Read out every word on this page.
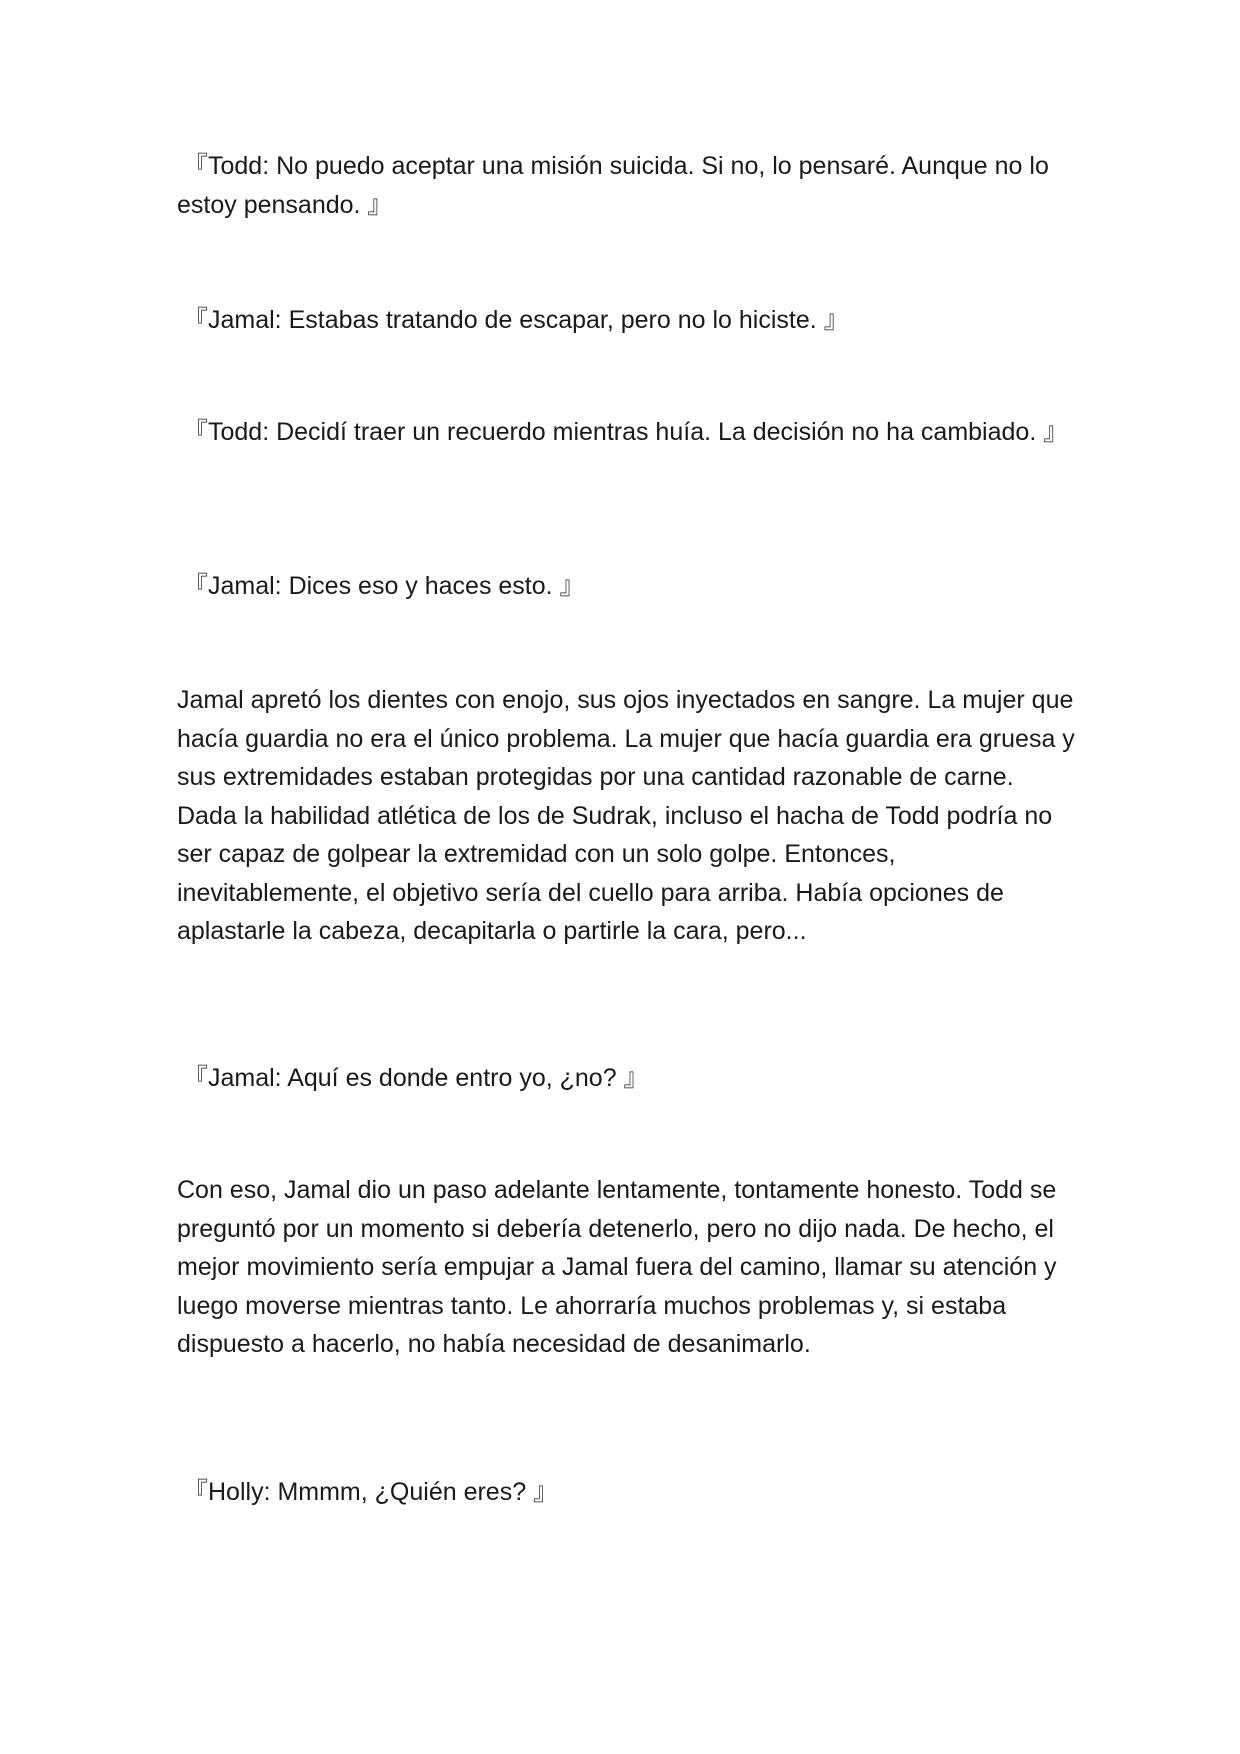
『Todd: No puedo aceptar una misión suicida. Si no, lo pensaré. Aunque no lo estoy pensando. 』

『Jamal: Estabas tratando de escapar, pero no lo hiciste. 』

『Todd: Decidí traer un recuerdo mientras huía. La decisión no ha cambiado. 』

『Jamal: Dices eso y haces esto. 』

Jamal apretó los dientes con enojo, sus ojos inyectados en sangre. La mujer que hacía guardia no era el único problema. La mujer que hacía guardia era gruesa y sus extremidades estaban protegidas por una cantidad razonable de carne. Dada la habilidad atlética de los de Sudrak, incluso el hacha de Todd podría no ser capaz de golpear la extremidad con un solo golpe. Entonces, inevitablemente, el objetivo sería del cuello para arriba. Había opciones de aplastarle la cabeza, decapitarla o partirle la cara, pero...

『Jamal: Aquí es donde entro yo, ¿no? 』

Con eso, Jamal dio un paso adelante lentamente, tontamente honesto. Todd se preguntó por un momento si debería detenerlo, pero no dijo nada. De hecho, el mejor movimiento sería empujar a Jamal fuera del camino, llamar su atención y luego moverse mientras tanto. Le ahorraría muchos problemas y, si estaba dispuesto a hacerlo, no había necesidad de desanimarlo.

『Holly: Mmmm, ¿Quién eres? 』
